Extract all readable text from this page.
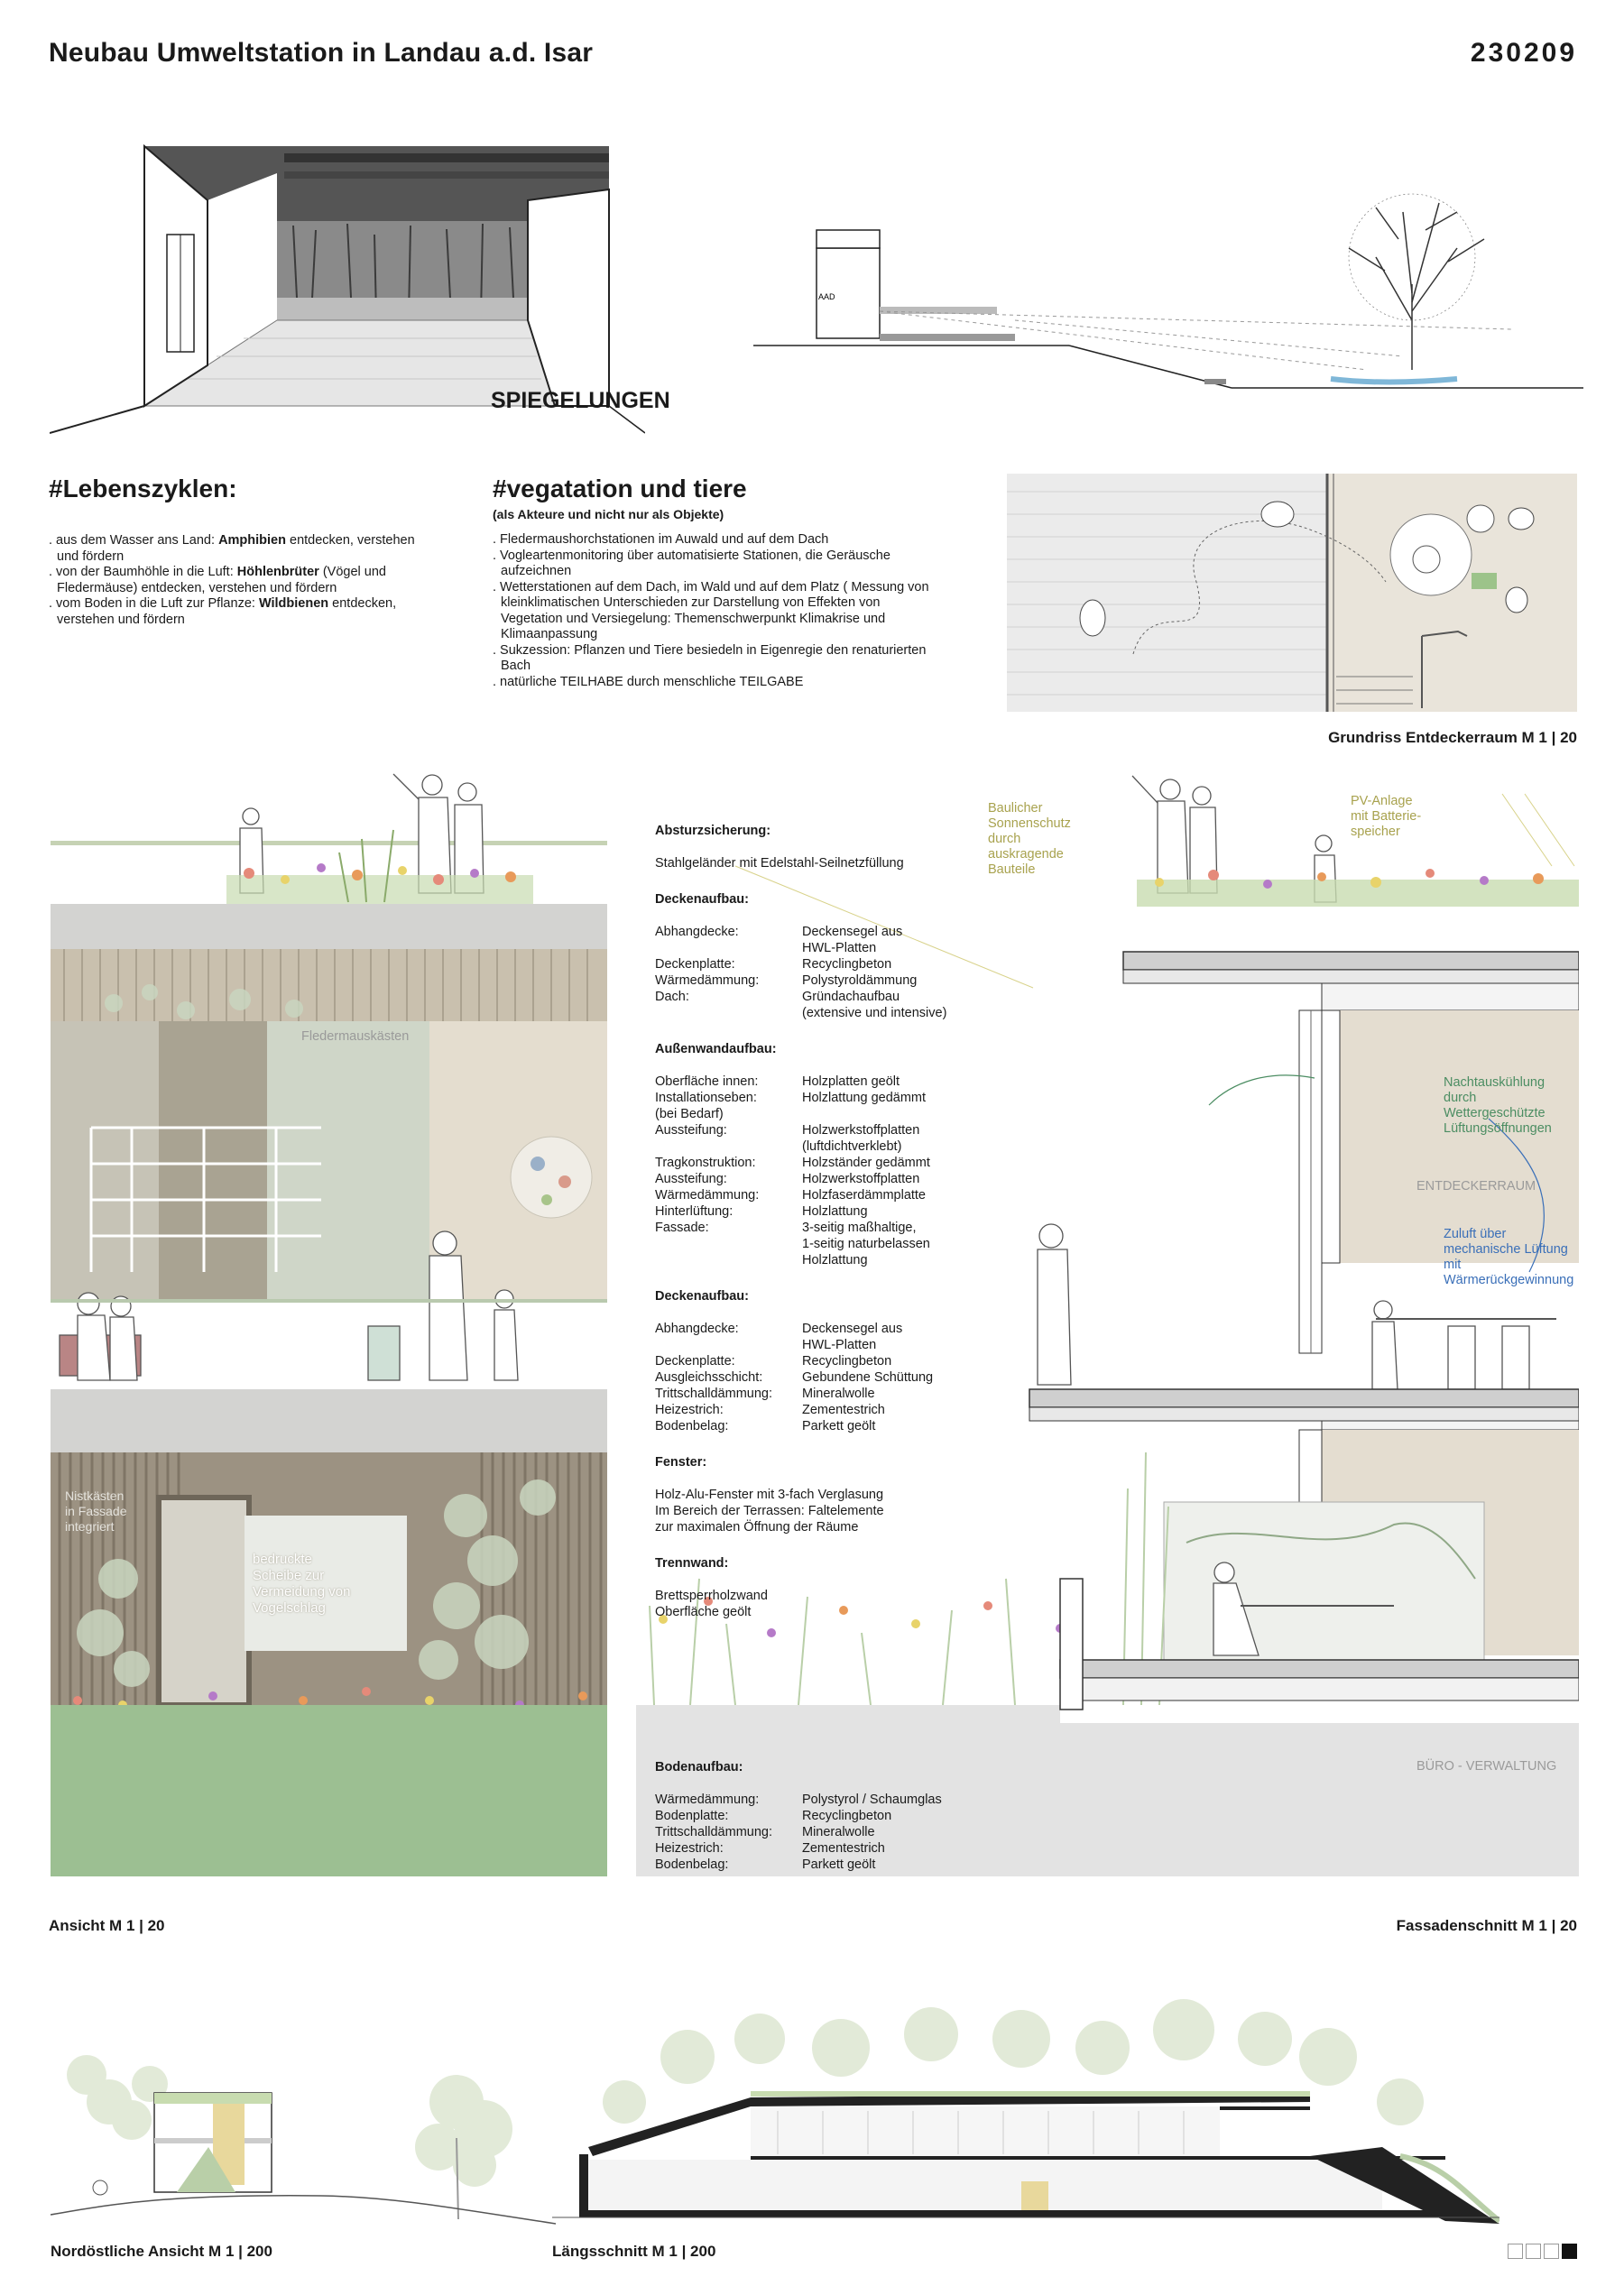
Neubau Umweltstation in Landau a.d. Isar	230209
SPIEGELUNGEN
AAD
#Lebenszyklen:
. aus dem Wasser ans Land: Amphibien entdecken, verstehen und fördern
. von der Baumhöhle in die Luft: Höhlenbrüter (Vögel und Fledermäuse) entdecken, verstehen und fördern
. vom Boden in die Luft zur Pflanze: Wildbienen entdecken, verstehen und fördern
#vegatation und tiere
(als Akteure und nicht nur als Objekte)
. Fledermaushorchstationen im Auwald und auf dem Dach
. Vogleartenmonitoring über automatisierte Stationen, die Geräusche aufzeichnen
. Wetterstationen auf dem Dach, im Wald und auf dem Platz ( Messung von kleinklimatischen Unterschieden zur Darstellung von Effekten von Vegetation und Versiegelung: Themenschwerpunkt Klimakrise und Klimaanpassung
. Sukzession: Pflanzen und Tiere besiedeln in Eigenregie den renaturierten Bach
. natürliche TEILHABE durch menschliche TEILGABE
Grundriss Entdeckerraum M 1 | 20
Fledermauskästen
Nistkästen
in Fassade
integriert
bedruckte
Scheibe zur
Vermeidung von
Vogelschlag
Ansicht M 1 | 20
Baulicher
Sonnenschutz
durch
auskragende
Bauteile
PV-Anlage
mit Batterie-
speicher
Nachtauskühlung
durch
Wettergeschützte
Lüftungsöffnungen
ENTDECKERRAUM
Zuluft über
mechanische Lüftung
mit
Wärmerückgewinnung
BÜRO - VERWALTUNG
Absturzsicherung:
Stahlgeländer mit Edelstahl-Seilnetzfüllung
Deckenaufbau:
Abhangdecke:	Deckensegel aus
	HWL-Platten
Deckenplatte:	Recyclingbeton
Wärmedämmung:	Polystyroldämmung
Dach:	Gründachaufbau
	(extensive und intensive)
Außenwandaufbau:
Oberfläche innen:	Holzplatten geölt
Installationseben:	Holzlattung gedämmt
(bei Bedarf)	
Aussteifung:	Holzwerkstoffplatten
	(luftdichtverklebt)
Tragkonstruktion:	Holzständer gedämmt
Aussteifung:	Holzwerkstoffplatten
Wärmedämmung:	Holzfaserdämmplatte
Hinterlüftung:	Holzlattung
Fassade:	3-seitig maßhaltige,
	1-seitig naturbelassen
	Holzlattung
Deckenaufbau:
Abhangdecke:	Deckensegel aus
	HWL-Platten
Deckenplatte:	Recyclingbeton
Ausgleichsschicht:	Gebundene Schüttung
Trittschalldämmung:	Mineralwolle
Heizestrich:	Zementestrich
Bodenbelag:	Parkett geölt
Fenster:
Holz-Alu-Fenster mit 3-fach Verglasung
Im Bereich der Terrassen: Faltelemente
zur maximalen Öffnung der Räume
Trennwand:
Brettsperrholzwand
Oberfläche geölt
Bodenaufbau:
Wärmedämmung:	Polystyrol / Schaumglas
Bodenplatte:	Recyclingbeton
Trittschalldämmung:	Mineralwolle
Heizestrich:	Zementestrich
Bodenbelag:	Parkett geölt
Fassadenschnitt M 1 | 20
Nordöstliche Ansicht M 1 | 200	Längsschnitt M 1 | 200
